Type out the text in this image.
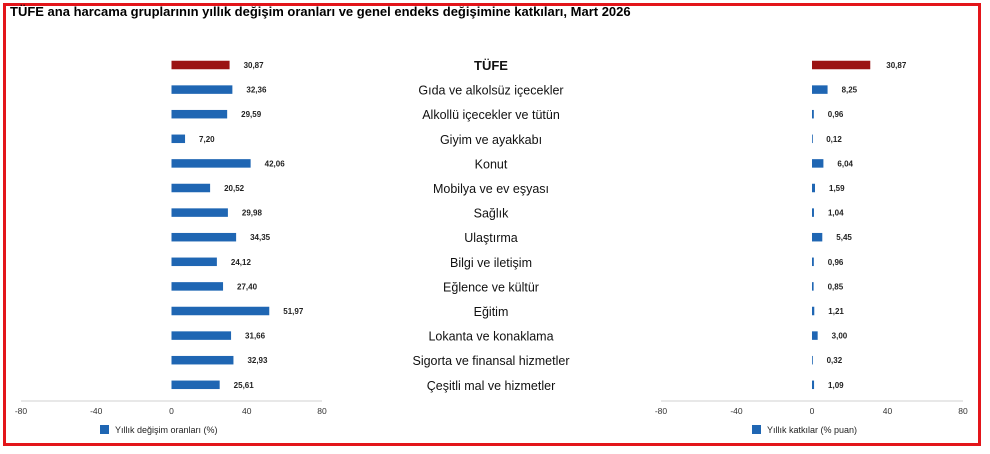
TÜFE ana harcama gruplarının yıllık değişim oranları ve genel endeks değişimine katkıları, Mart 2026
-80	-40	0	40	80
30,87
32,36
29,59
7,20
42,06
20,52
29,98
34,35
24,12
27,40
51,97
31,66
32,93
25,61
Yıllık değişim oranları (%)
-80	-40	0	40	80
30,87
8,25
0,96
0,12
6,04
1,59
1,04
5,45
0,96
0,85
1,21
3,00
0,32
1,09
Yıllık katkılar (% puan)
TÜFE
Gıda ve alkolsüz içecekler
Alkollü içecekler ve tütün
Giyim ve ayakkabı
Konut
Mobilya ve ev eşyası
Sağlık
Ulaştırma
Bilgi ve iletişim
Eğlence ve kültür
Eğitim
Lokanta ve konaklama
Sigorta ve finansal hizmetler
Çeşitli mal ve hizmetler
